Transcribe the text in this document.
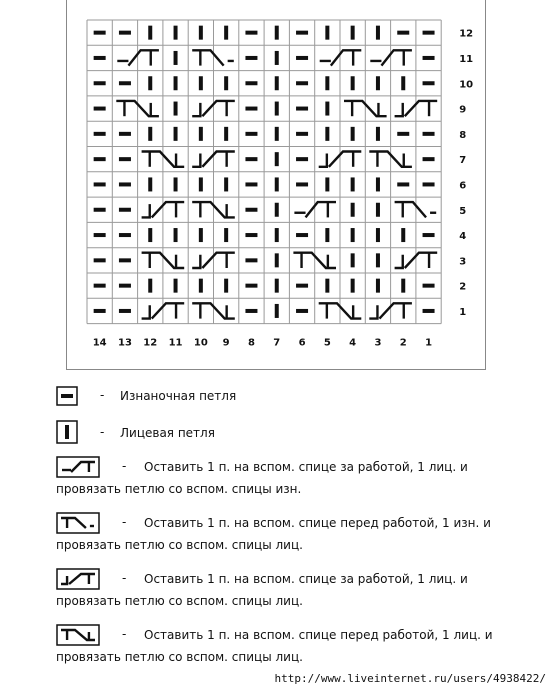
12
11
10
9
8
7
6
5
4
3
2
1
14 13 12 11 10 9 8 7 6 5 4 3 2 1
- Изнаночная петля
- Лицевая петля
- Оставить 1 п. на вспом. спице за работой, 1 лиц. и
провязать петлю со вспом. спицы изн.
- Оставить 1 п. на вспом. спице перед работой, 1 изн. и
провязать петлю со вспом. спицы лиц.
- Оставить 1 п. на вспом. спице за работой, 1 лиц. и
провязать петлю со вспом. спицы лиц.
- Оставить 1 п. на вспом. спице перед работой, 1 лиц. и
провязать петлю со вспом. спицы лиц.
http://www.liveinternet.ru/users/4938422/
